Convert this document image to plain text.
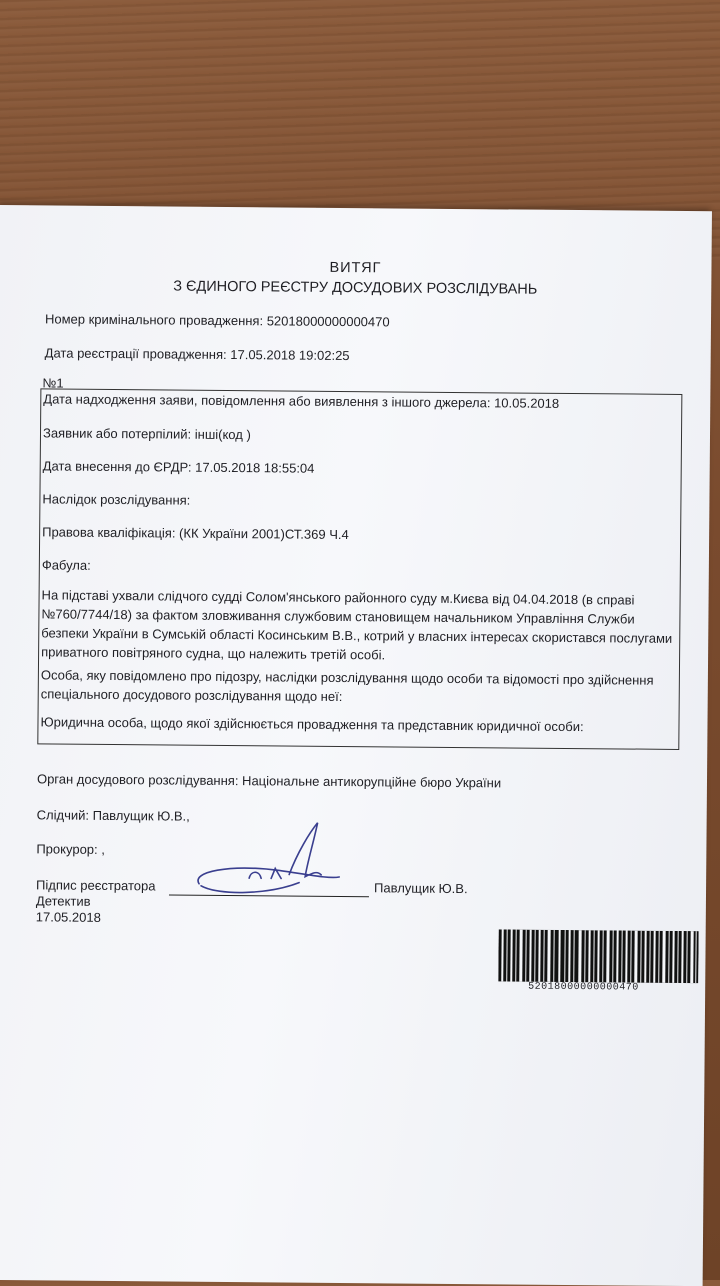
ВИТЯГ
З ЄДИНОГО РЕЄСТРУ ДОСУДОВИХ РОЗСЛІДУВАНЬ
Номер кримінального провадження: 52018000000000470
Дата реєстрації провадження: 17.05.2018 19:02:25
№1
Дата надходження заяви, повідомлення або виявлення з іншого джерела: 10.05.2018
Заявник або потерпілий: інші(код )
Дата внесення до ЄРДР: 17.05.2018 18:55:04
Наслідок розслідування:
Правова кваліфікація: (КК України 2001)СТ.369 Ч.4
Фабула:
На підставі ухвали слідчого судді Солом'янського районного суду м.Києва від 04.04.2018 (в справі №760/7744/18) за фактом зловживання службовим становищем начальником Управління Служби безпеки України в Сумській області Косинським В.В., котрий у власних інтересах скористався послугами приватного повітряного судна, що належить третій особі.
Особа, яку повідомлено про підозру, наслідки розслідування щодо особи та відомості про здійснення спеціального досудового розслідування щодо неї:
Юридична особа, щодо якої здійснюється провадження та представник юридичної особи:
Орган досудового розслідування: Національне антикорупційне бюро України
Слідчий: Павлущик Ю.В.,
Прокурор: ,
Підпис реєстратора	Павлущик Ю.В.
Детектив
17.05.2018
52018000000000470
